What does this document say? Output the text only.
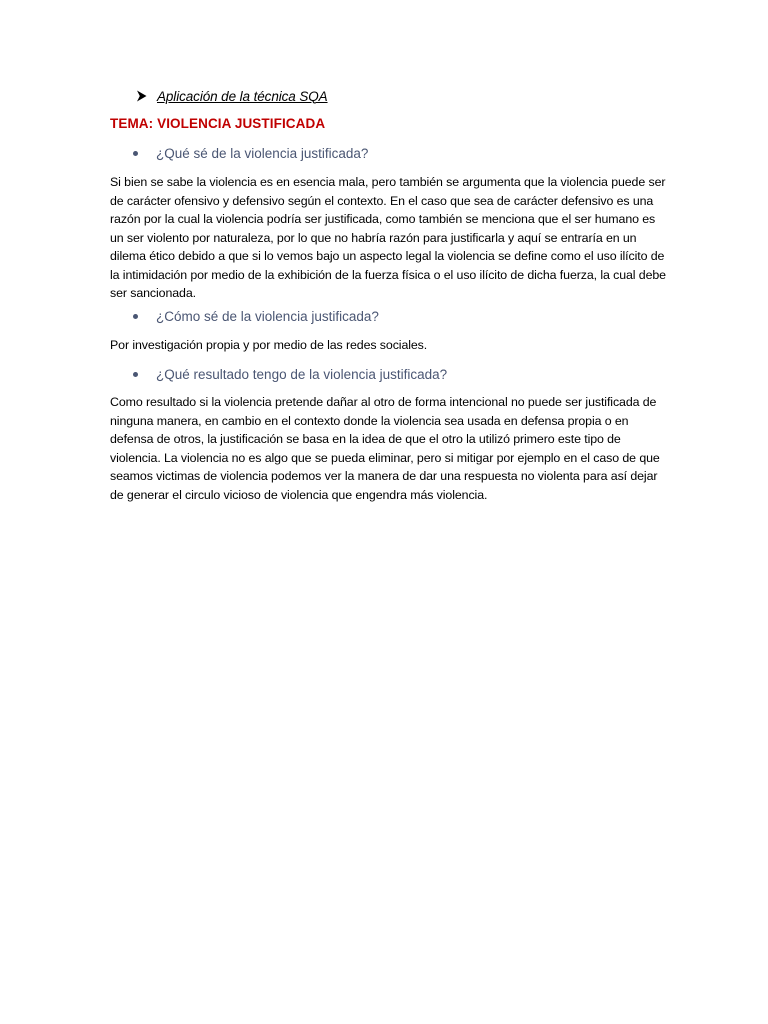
Aplicación de la técnica SQA
TEMA: VIOLENCIA JUSTIFICADA
¿Qué sé de la violencia justificada?

Si bien se sabe la violencia es en esencia mala, pero también se argumenta que la violencia puede ser de carácter ofensivo y defensivo según el contexto. En el caso que sea de carácter defensivo es una razón por la cual la violencia podría ser justificada, como también se menciona que el ser humano es un ser violento por naturaleza, por lo que no habría razón para justificarla y aquí se entraría en un dilema ético debido a que si lo vemos bajo un aspecto legal la violencia se define como el uso ilícito de la intimidación por medio de la exhibición de la fuerza física o el uso ilícito de dicha fuerza, la cual debe ser sancionada.

¿Cómo sé de la violencia justificada?

Por investigación propia y por medio de las redes sociales.

¿Qué resultado tengo de la violencia justificada?

Como resultado si la violencia pretende dañar al otro de forma intencional no puede ser justificada de ninguna manera, en cambio en el contexto donde la violencia sea usada en defensa propia o en defensa de otros, la justificación se basa en la idea de que el otro la utilizó primero este tipo de violencia. La violencia no es algo que se pueda eliminar, pero si mitigar por ejemplo en el caso de que seamos victimas de violencia podemos ver la manera de dar una respuesta no violenta para así dejar de generar el circulo vicioso de violencia que engendra más violencia.
